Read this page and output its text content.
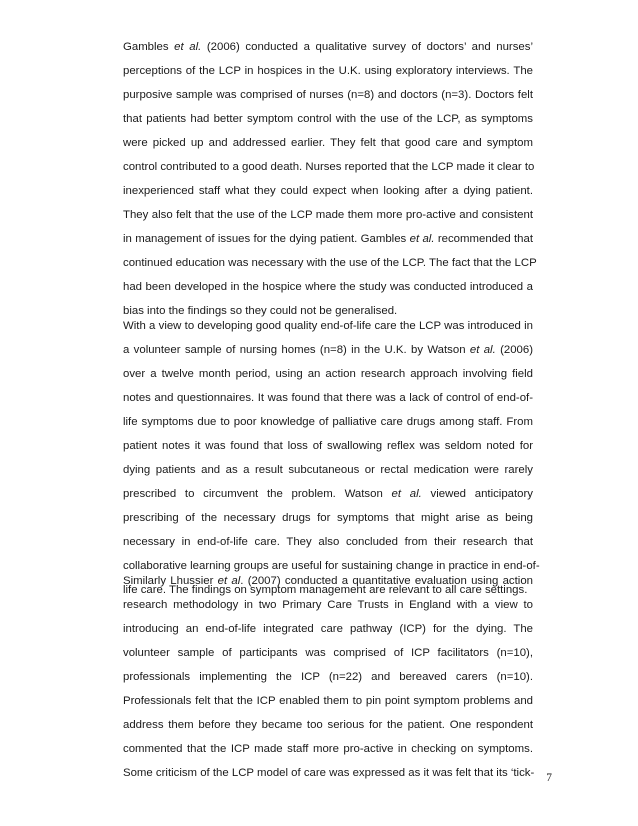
Gambles et al. (2006) conducted a qualitative survey of doctors’ and nurses’
perceptions of the LCP in hospices in the U.K. using exploratory interviews. The
purposive sample was comprised of nurses (n=8) and doctors (n=3). Doctors felt
that patients had better symptom control with the use of the LCP, as symptoms
were picked up and addressed earlier. They felt that good care and symptom
control contributed to a good death. Nurses reported that the LCP made it clear to
inexperienced staff what they could expect when looking after a dying patient.
They also felt that the use of the LCP made them more pro-active and consistent
in management of issues for the dying patient. Gambles et al. recommended that
continued education was necessary with the use of the LCP. The fact that the LCP
had been developed in the hospice where the study was conducted introduced a
bias into the findings so they could not be generalised.
With a view to developing good quality end-of-life care the LCP was introduced in
a volunteer sample of nursing homes (n=8) in the U.K. by Watson et al. (2006)
over a twelve month period, using an action research approach involving field
notes and questionnaires. It was found that there was a lack of control of end-of-
life symptoms due to poor knowledge of palliative care drugs among staff. From
patient notes it was found that loss of swallowing reflex was seldom noted for
dying patients and as a result subcutaneous or rectal medication were rarely
prescribed to circumvent the problem. Watson et al. viewed anticipatory
prescribing of the necessary drugs for symptoms that might arise as being
necessary in end-of-life care. They also concluded from their research that
collaborative learning groups are useful for sustaining change in practice in end-of-
life care. The findings on symptom management are relevant to all care settings.
Similarly Lhussier et al. (2007) conducted a quantitative evaluation using action
research methodology in two Primary Care Trusts in England with a view to
introducing an end-of-life integrated care pathway (ICP) for the dying. The
volunteer sample of participants was comprised of ICP facilitators (n=10),
professionals implementing the ICP (n=22) and bereaved carers (n=10).
Professionals felt that the ICP enabled them to pin point symptom problems and
address them before they became too serious for the patient. One respondent
commented that the ICP made staff more pro-active in checking on symptoms.
Some criticism of the LCP model of care was expressed as it was felt that its ‘tick-	7
